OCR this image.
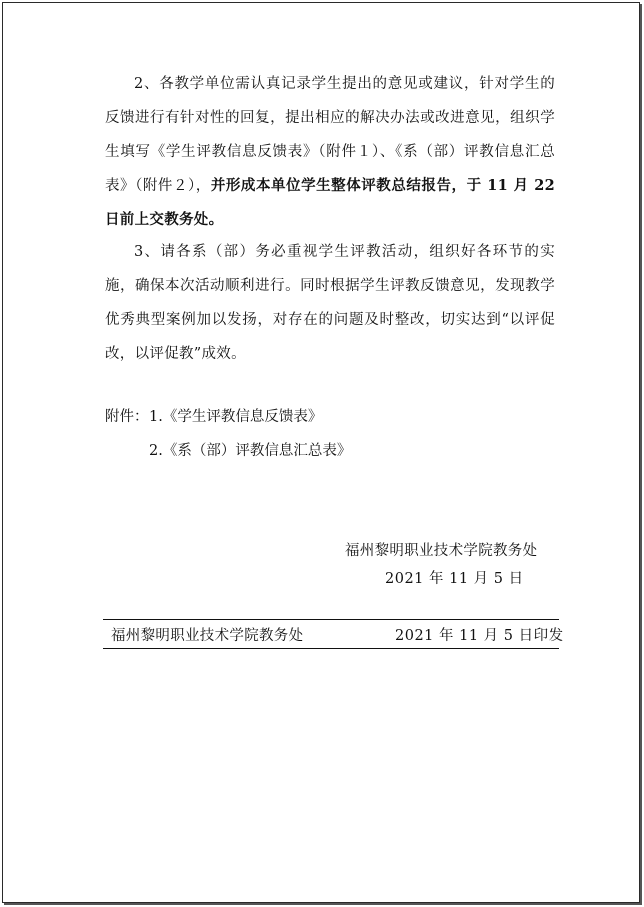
2、各教学单位需认真记录学生提出的意见或建议，针对学生的反馈进行有针对性的回复，提出相应的解决办法或改进意见，组织学生填写《学生评教信息反馈表》（附件１）、《系（部）评教信息汇总表》（附件２），并形成本单位学生整体评教总结报告，于 11 月 22 日前上交教务处。

3、请各系（部）务必重视学生评教活动，组织好各环节的实施，确保本次活动顺利进行。同时根据学生评教反馈意见，发现教学优秀典型案例加以发扬，对存在的问题及时整改，切实达到“以评促改，以评促教”成效。

附件： 1.《学生评教信息反馈表》
2.《系（部）评教信息汇总表》
福州黎明职业技术学院教务处
2021 年 11 月 5 日
福州黎明职业技术学院教务处	2021 年 11 月 5 日印发
